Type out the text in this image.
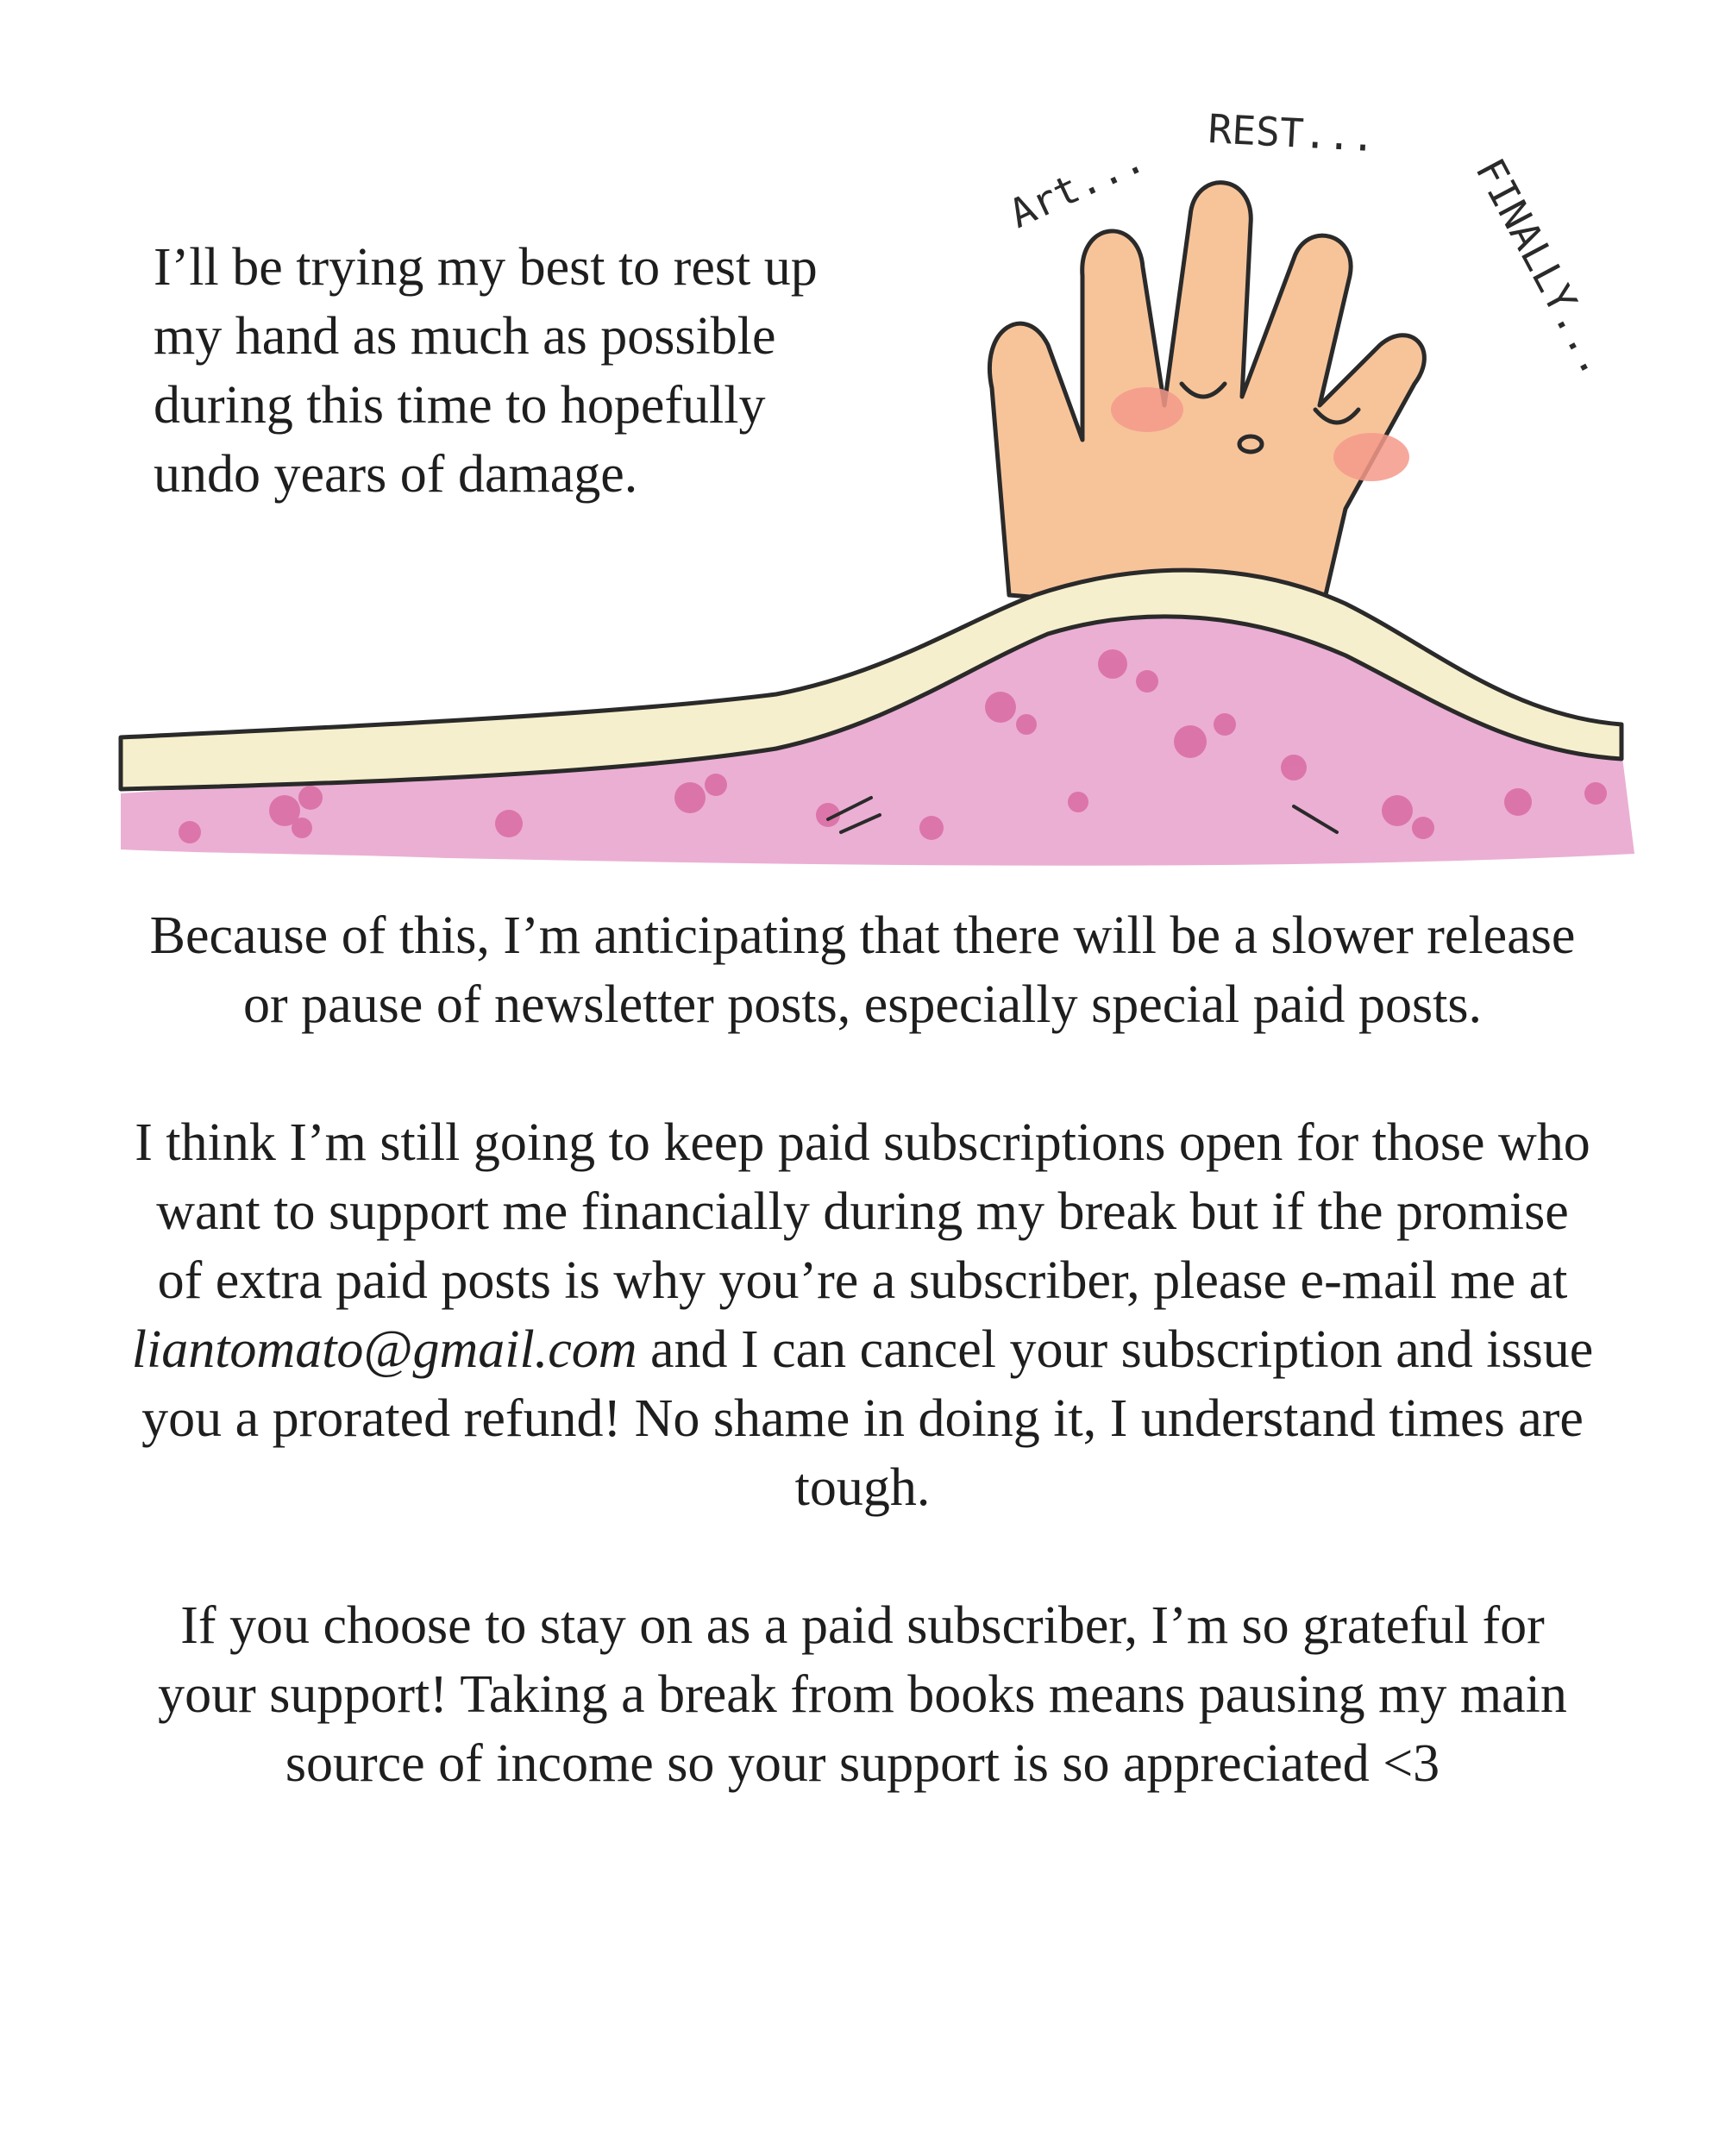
I’ll be trying my best to rest up my hand as much as possible during this time to hopefully undo years of damage.

Art...
REST...
FINALLY...

Because of this, I’m anticipating that there will be a slower release or pause of newsletter posts, especially special paid posts.

I think I’m still going to keep paid subscriptions open for those who want to support me financially during my break but if the promise of extra paid posts is why you’re a subscriber, please e-mail me at liantomato@gmail.com and I can cancel your subscription and issue you a prorated refund! No shame in doing it, I understand times are tough.

If you choose to stay on as a paid subscriber, I’m so grateful for your support! Taking a break from books means pausing my main source of income so your support is so appreciated <3
